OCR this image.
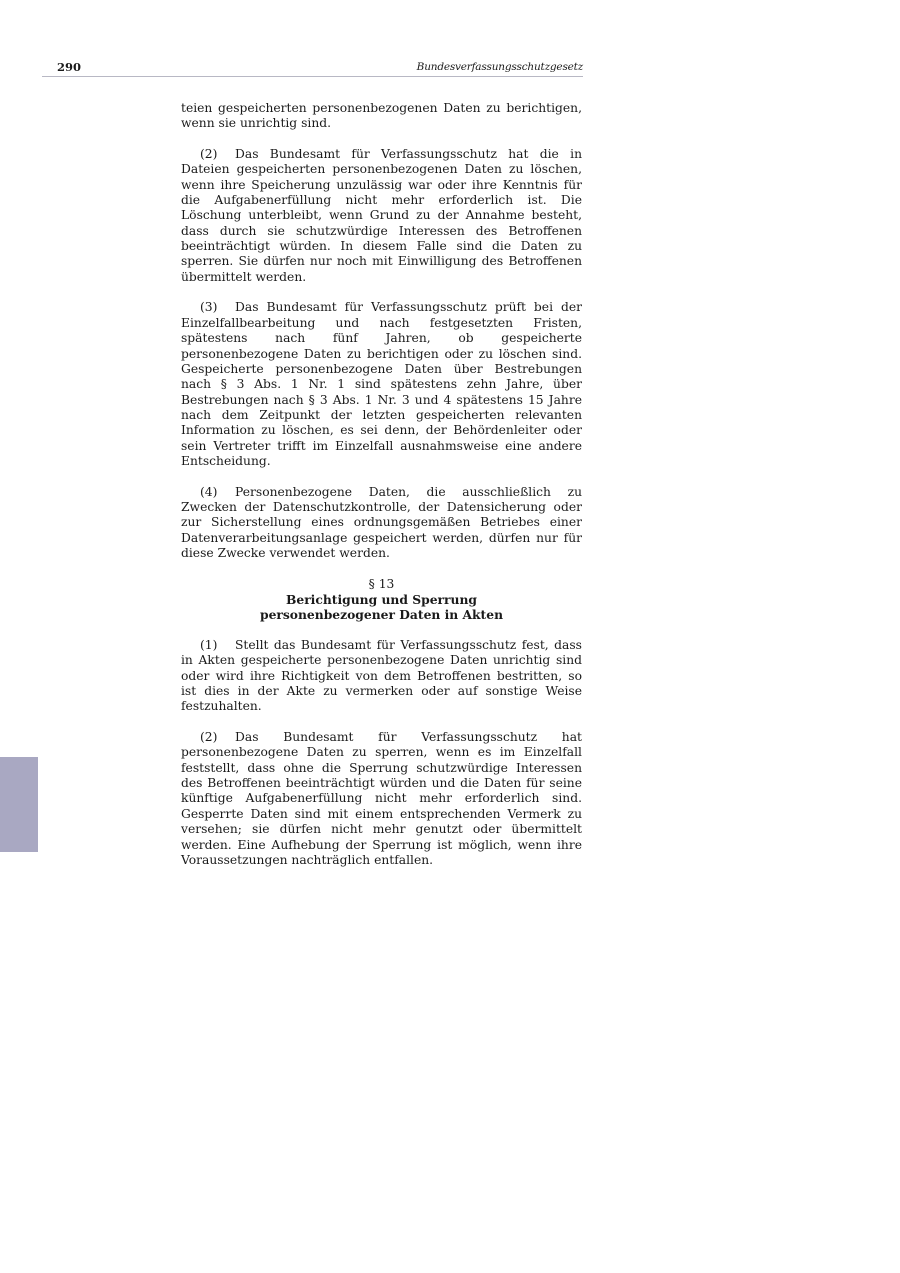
290	Bundesverfassungsschutzgesetz

teien gespeicherten personenbezogenen Daten zu berichtigen, wenn sie unrichtig sind.

(2) Das Bundesamt für Verfassungsschutz hat die in Dateien gespeicherten personenbezogenen Daten zu löschen, wenn ihre Speicherung unzulässig war oder ihre Kenntnis für die Aufgabenerfüllung nicht mehr erforderlich ist. Die Löschung unterbleibt, wenn Grund zu der Annahme besteht, dass durch sie schutzwürdige Interessen des Betroffenen beeinträchtigt würden. In diesem Falle sind die Daten zu sperren. Sie dürfen nur noch mit Einwilligung des Betroffenen übermittelt werden.

(3) Das Bundesamt für Verfassungsschutz prüft bei der Einzelfallbearbeitung und nach festgesetzten Fristen, spätestens nach fünf Jahren, ob gespeicherte personenbezogene Daten zu berichtigen oder zu löschen sind. Gespeicherte personenbezogene Daten über Bestrebungen nach § 3 Abs. 1 Nr. 1 sind spätestens zehn Jahre, über Bestrebungen nach § 3 Abs. 1 Nr. 3 und 4 spätestens 15 Jahre nach dem Zeitpunkt der letzten gespeicherten relevanten Information zu löschen, es sei denn, der Behördenleiter oder sein Vertreter trifft im Einzelfall ausnahmsweise eine andere Entscheidung.

(4) Personenbezogene Daten, die ausschließlich zu Zwecken der Datenschutzkontrolle, der Datensicherung oder zur Sicherstellung eines ordnungsgemäßen Betriebes einer Datenverarbeitungsanlage gespeichert werden, dürfen nur für diese Zwecke verwendet werden.

§ 13
Berichtigung und Sperrung
personenbezogener Daten in Akten

(1) Stellt das Bundesamt für Verfassungsschutz fest, dass in Akten gespeicherte personenbezogene Daten unrichtig sind oder wird ihre Richtigkeit von dem Betroffenen bestritten, so ist dies in der Akte zu vermerken oder auf sonstige Weise festzuhalten.

(2) Das Bundesamt für Verfassungsschutz hat personenbezogene Daten zu sperren, wenn es im Einzelfall feststellt, dass ohne die Sperrung schutzwürdige Interessen des Betroffenen beeinträchtigt würden und die Daten für seine künftige Aufgabenerfüllung nicht mehr erforderlich sind. Gesperrte Daten sind mit einem entsprechenden Vermerk zu versehen; sie dürfen nicht mehr genutzt oder übermittelt werden. Eine Aufhebung der Sperrung ist möglich, wenn ihre Voraussetzungen nachträglich entfallen.
